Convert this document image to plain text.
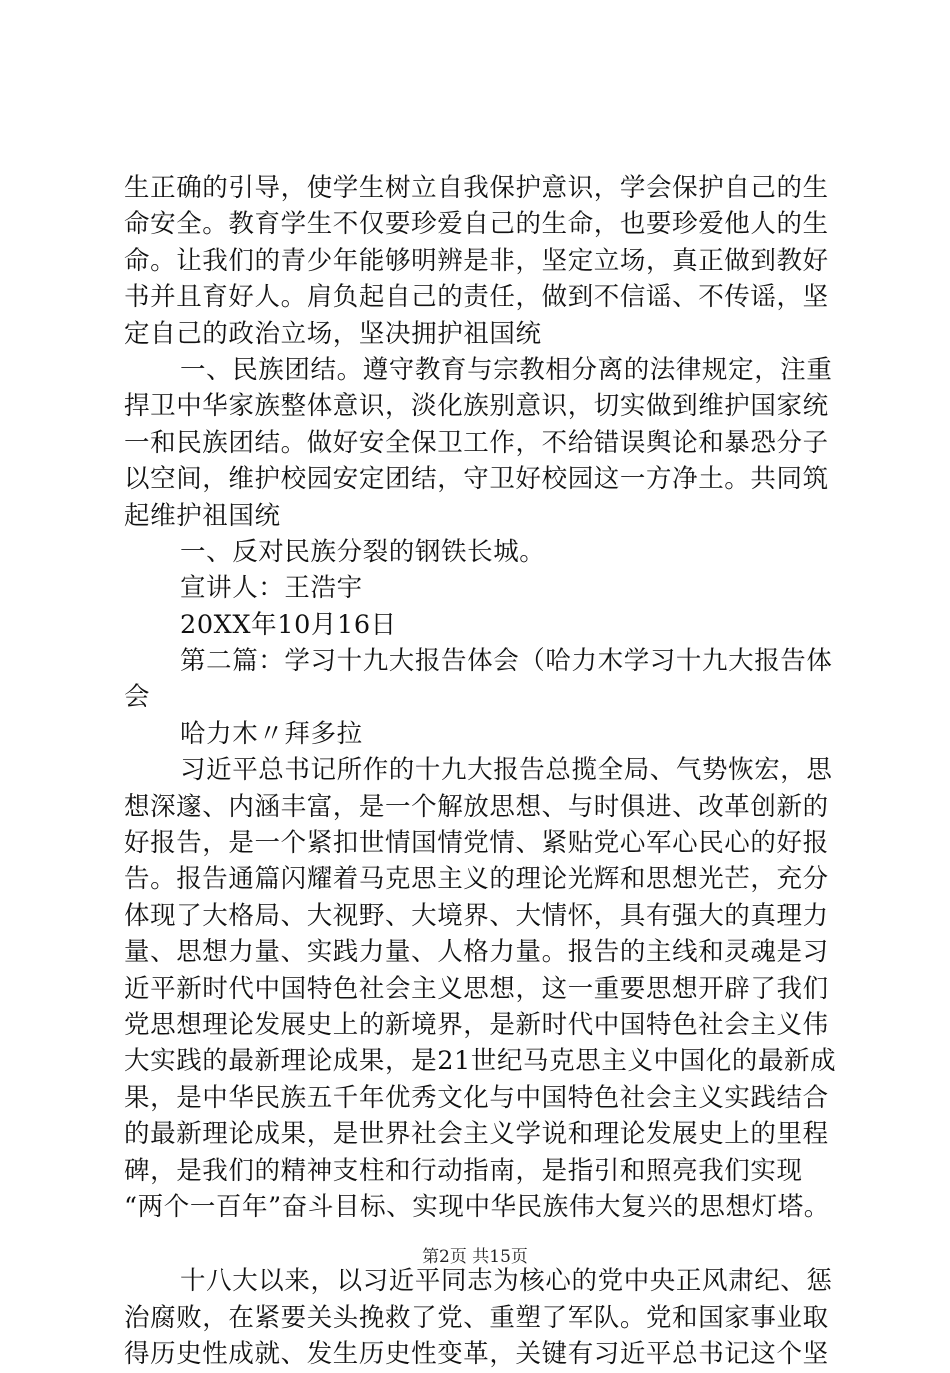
生正确的引导，使学生树立自我保护意识，学会保护自己的生
命安全。教育学生不仅要珍爱自己的生命，也要珍爱他人的生
命。让我们的青少年能够明辨是非，坚定立场，真正做到教好
书并且育好人。肩负起自己的责任，做到不信谣、不传谣，坚
定自己的政治立场，坚决拥护祖国统
一、民族团结。遵守教育与宗教相分离的法律规定，注重
捍卫中华家族整体意识，淡化族别意识，切实做到维护国家统
一和民族团结。做好安全保卫工作，不给错误舆论和暴恐分子
以空间，维护校园安定团结，守卫好校园这一方净土。共同筑
起维护祖国统
一、反对民族分裂的钢铁长城。
宣讲人：王浩宇
20XX年10月16日
第二篇：学习十九大报告体会（哈力木学习十九大报告体
会
哈力木〃拜多拉
习近平总书记所作的十九大报告总揽全局、气势恢宏，思
想深邃、内涵丰富，是一个解放思想、与时俱进、改革创新的
好报告，是一个紧扣世情国情党情、紧贴党心军心民心的好报
告。报告通篇闪耀着马克思主义的理论光辉和思想光芒，充分
体现了大格局、大视野、大境界、大情怀，具有强大的真理力
量、思想力量、实践力量、人格力量。报告的主线和灵魂是习
近平新时代中国特色社会主义思想，这一重要思想开辟了我们
党思想理论发展史上的新境界，是新时代中国特色社会主义伟
大实践的最新理论成果，是21世纪马克思主义中国化的最新成
果，是中华民族五千年优秀文化与中国特色社会主义实践结合
的最新理论成果，是世界社会主义学说和理论发展史上的里程
碑，是我们的精神支柱和行动指南，是指引和照亮我们实现
“两个一百年”奋斗目标、实现中华民族伟大复兴的思想灯塔。
十八大以来，以习近平同志为核心的党中央正风肃纪、惩
治腐败，在紧要关头挽救了党、重塑了军队。党和国家事业取
得历史性成就、发生历史性变革，关键有习近平总书记这个坚
第2页 共15页
